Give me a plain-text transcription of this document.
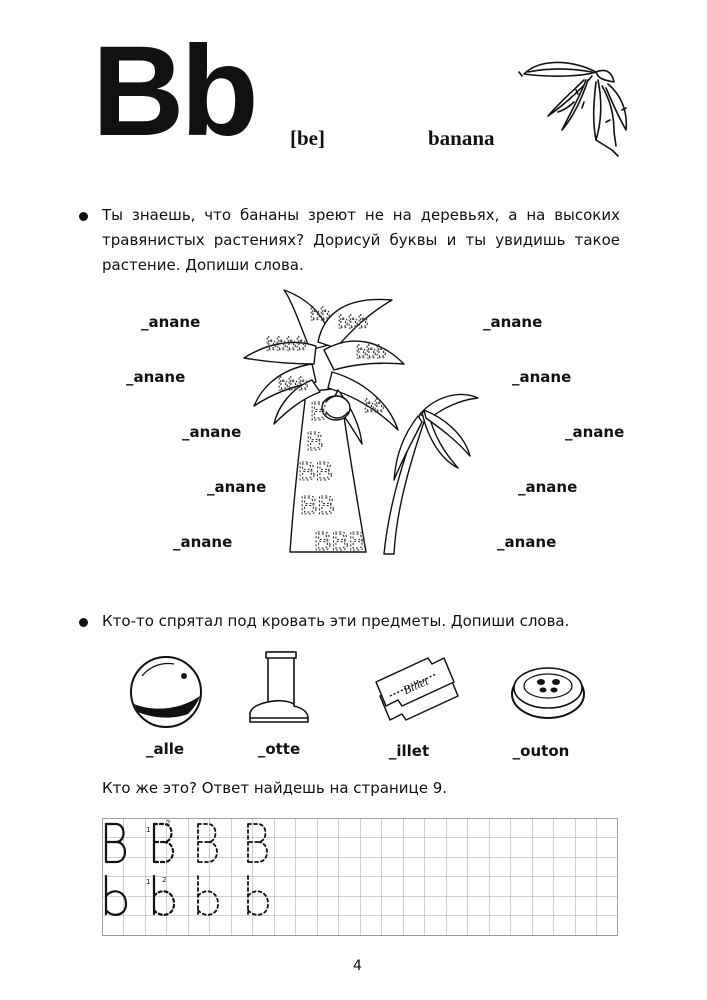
Bb [be]	banana
Ты знаешь, что бананы зреют не на деревьях, а на высоких травянистых растениях? Дорисуй буквы и ты увидишь такое растение. Допиши слова.
_anane
_anane
_anane
_anane
_anane
_anane
_anane
_anane
_anane
_anane
bb bbb
bbbb	bbb
bbb
bb
B
B
BB
BB
BBB
Кто-то спрятал под кровать эти предметы. Допиши слова.
Billet
_alle	_otte	_illet	_outon
Кто же это? Ответ найдешь на странице 9.
1
2
1 2
4
